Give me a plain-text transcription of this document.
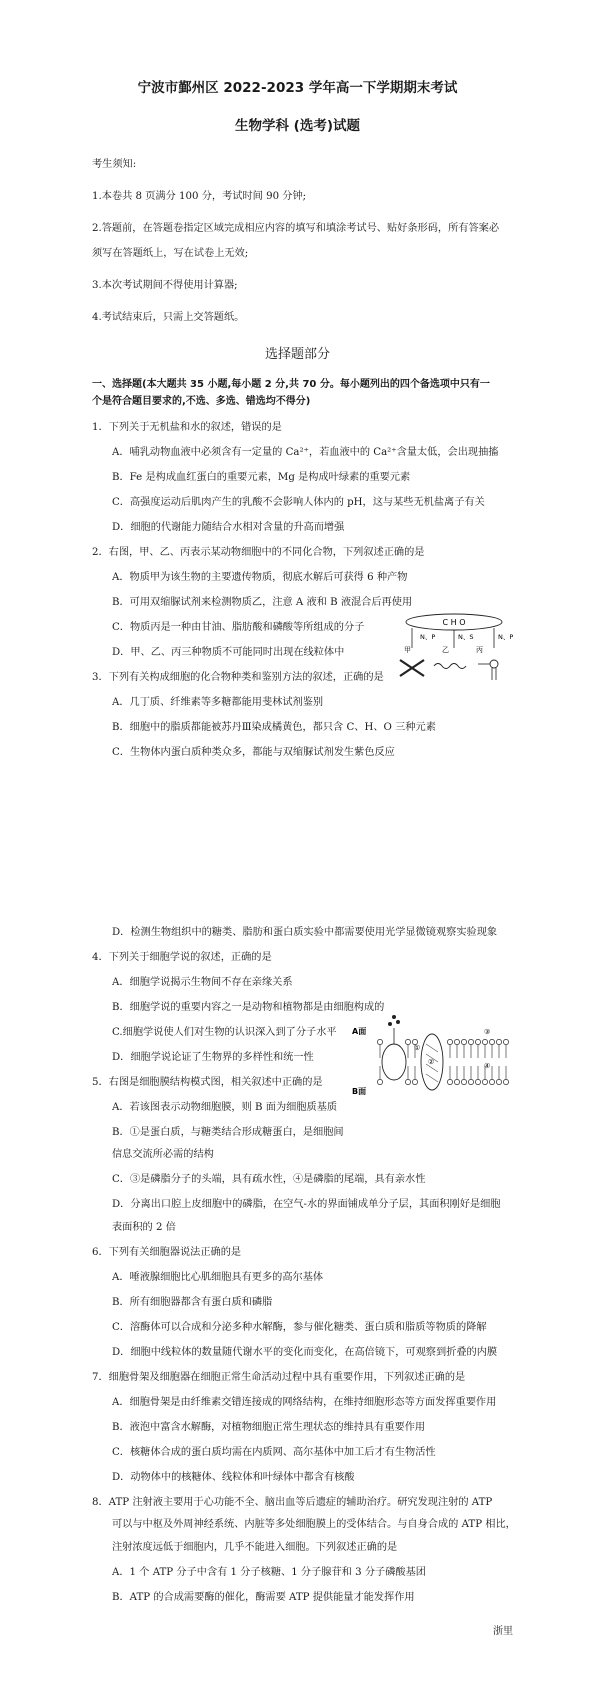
宁波市鄞州区 2022-2023 学年高一下学期期末考试
生物学科 (选考)试题
考生须知:
1.本卷共 8 页满分 100 分，考试时间 90 分钟;
2.答题前，在答题卷指定区域完成相应内容的填写和填涂考试号、贴好条形码，所有答案必
须写在答题纸上，写在试卷上无效;
3.本次考试期间不得使用计算器;
4.考试结束后，只需上交答题纸。
选择题部分
一、选择题(本大题共 35 小题,每小题 2 分,共 70 分。每小题列出的四个备选项中只有一
个是符合题目要求的,不选、多选、错选均不得分)
1．下列关于无机盐和水的叙述，错误的是
A．哺乳动物血液中必须含有一定量的 Ca²⁺，若血液中的 Ca²⁺含量太低，会出现抽搐
B．Fe 是构成血红蛋白的重要元素，Mg 是构成叶绿素的重要元素
C．高强度运动后肌肉产生的乳酸不会影响人体内的 pH，这与某些无机盐离子有关
D．细胞的代谢能力随结合水相对含量的升高而增强
2．右图，甲、乙、丙表示某动物细胞中的不同化合物，下列叙述正确的是
A．物质甲为该生物的主要遗传物质，彻底水解后可获得 6 种产物
B．可用双缩脲试剂来检测物质乙，注意 A 液和 B 液混合后再使用
C．物质丙是一种由甘油、脂肪酸和磷酸等所组成的分子
D．甲、乙、丙三种物质不可能同时出现在线粒体中
C H O
N、P	N、S	N、P
甲	乙	丙
3．下列有关构成细胞的化合物种类和鉴别方法的叙述，正确的是
A．几丁质、纤维素等多糖都能用斐林试剂鉴别
B．细胞中的脂质都能被苏丹Ⅲ染成橘黄色，都只含 C、H、O 三种元素
C．生物体内蛋白质种类众多，都能与双缩脲试剂发生紫色反应
D．检测生物组织中的糖类、脂肪和蛋白质实验中都需要使用光学显微镜观察实验现象
4．下列关于细胞学说的叙述，正确的是
A．细胞学说揭示生物间不存在亲缘关系
B．细胞学说的重要内容之一是动物和植物都是由细胞构成的
C.细胞学说使人们对生物的认识深入到了分子水平
D．细胞学说论证了生物界的多样性和统一性
A面
B面
①
②
③
④
5．右图是细胞膜结构模式图，相关叙述中正确的是
A．若该图表示动物细胞膜，则 B 面为细胞质基质
B．①是蛋白质，与糖类结合形成糖蛋白，是细胞间
信息交流所必需的结构
C．③是磷脂分子的头端，具有疏水性，④是磷脂的尾端，具有亲水性
D．分离出口腔上皮细胞中的磷脂，在空气-水的界面铺成单分子层，其面积刚好是细胞
表面积的 2 倍
6．下列有关细胞器说法正确的是
A．唾液腺细胞比心肌细胞具有更多的高尔基体
B．所有细胞器都含有蛋白质和磷脂
C．溶酶体可以合成和分泌多种水解酶，参与催化糖类、蛋白质和脂质等物质的降解
D．细胞中线粒体的数量随代谢水平的变化而变化，在高倍镜下，可观察到折叠的内膜
7．细胞骨架及细胞器在细胞正常生命活动过程中具有重要作用，下列叙述正确的是
A．细胞骨架是由纤维素交错连接成的网络结构，在维持细胞形态等方面发挥重要作用
B．液泡中富含水解酶，对植物细胞正常生理状态的维持具有重要作用
C．核糖体合成的蛋白质均需在内质网、高尔基体中加工后才有生物活性
D．动物体中的核糖体、线粒体和叶绿体中都含有核酸
8．ATP 注射液主要用于心功能不全、脑出血等后遗症的辅助治疗。研究发现注射的 ATP
可以与中枢及外周神经系统、内脏等多处细胞膜上的受体结合。与自身合成的 ATP 相比，
注射浓度远低于细胞内，几乎不能进入细胞。下列叙述正确的是
A．1 个 ATP 分子中含有 1 分子核糖、1 分子腺苷和 3 分子磷酸基团
B．ATP 的合成需要酶的催化，酶需要 ATP 提供能量才能发挥作用
浙里
